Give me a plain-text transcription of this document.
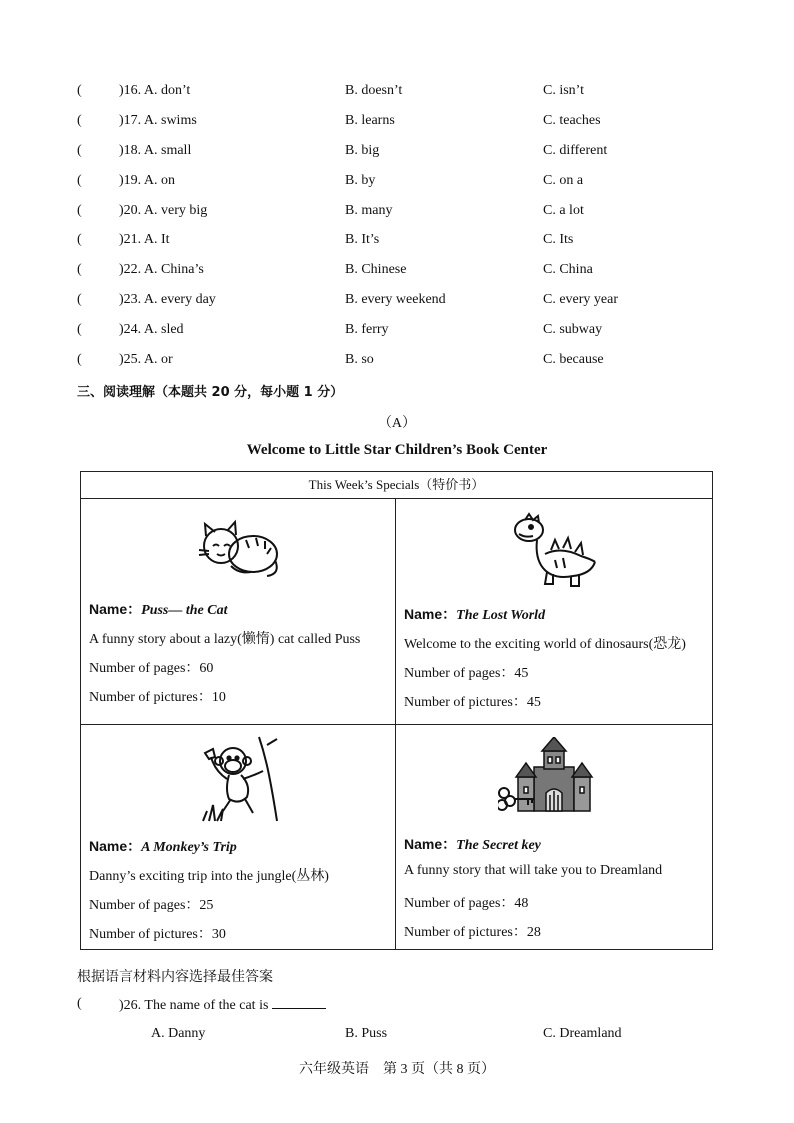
(	)16. A. don’t	B. doesn’t	C. isn’t
(	)17. A. swims	B. learns	C. teaches
(	)18. A. small	B. big	C. different
(	)19. A. on	B. by	C. on a
(	)20. A. very big	B. many	C. a lot
(	)21. A. It	B. It’s	C. Its
(	)22. A. China’s	B. Chinese	C. China
(	)23. A. every day	B. every weekend	C. every year
(	)24. A. sled	B. ferry	C. subway
(	)25. A. or	B. so	C. because
三、阅读理解（本题共 20 分，每小题 1 分）
（A）
Welcome to Little Star Children’s Book Center
This Week’s Specials（特价书）
Name：Puss— the Cat
A funny story about a lazy(懒惰) cat called Puss
Number of pages：60
Number of pictures：10
Name：The Lost World
Welcome to the exciting world of dinosaurs(恐龙)
Number of pages：45
Number of pictures：45
Name：A Monkey’s Trip
Danny’s exciting trip into the jungle(丛林)
Number of pages：25
Number of pictures：30
Name：The Secret key
A funny story that will take you to Dreamland
Number of pages：48
Number of pictures：28
根据语言材料内容选择最佳答案
(	)26. The name of the cat is
A. Danny	B. Puss	C. Dreamland
六年级英语　第 3 页（共 8 页）
